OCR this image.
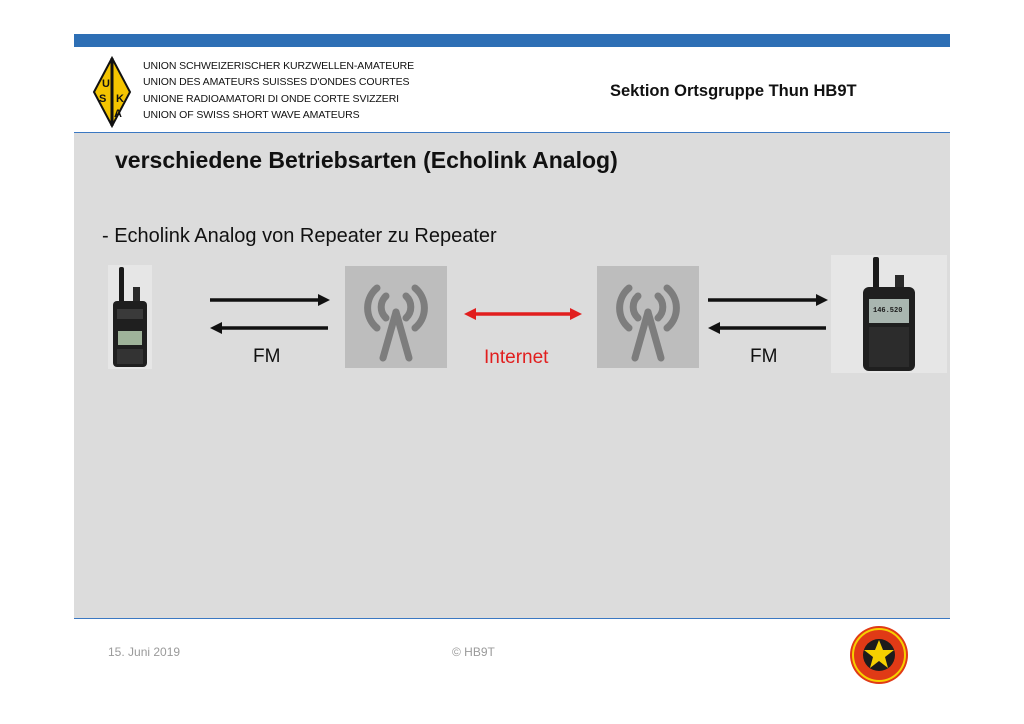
U
S K
A
UNION SCHWEIZERISCHER KURZWELLEN-AMATEURE
UNION DES AMATEURS SUISSES D'ONDES COURTES
UNIONE RADIOAMATORI DI ONDE CORTE SVIZZERI
UNION OF SWISS SHORT WAVE AMATEURS
Sektion Ortsgruppe Thun HB9T
verschiedene Betriebsarten (Echolink Analog)
- Echolink Analog von Repeater zu Repeater
146.520
FM	Internet	FM
15. Juni 2019	© HB9T
